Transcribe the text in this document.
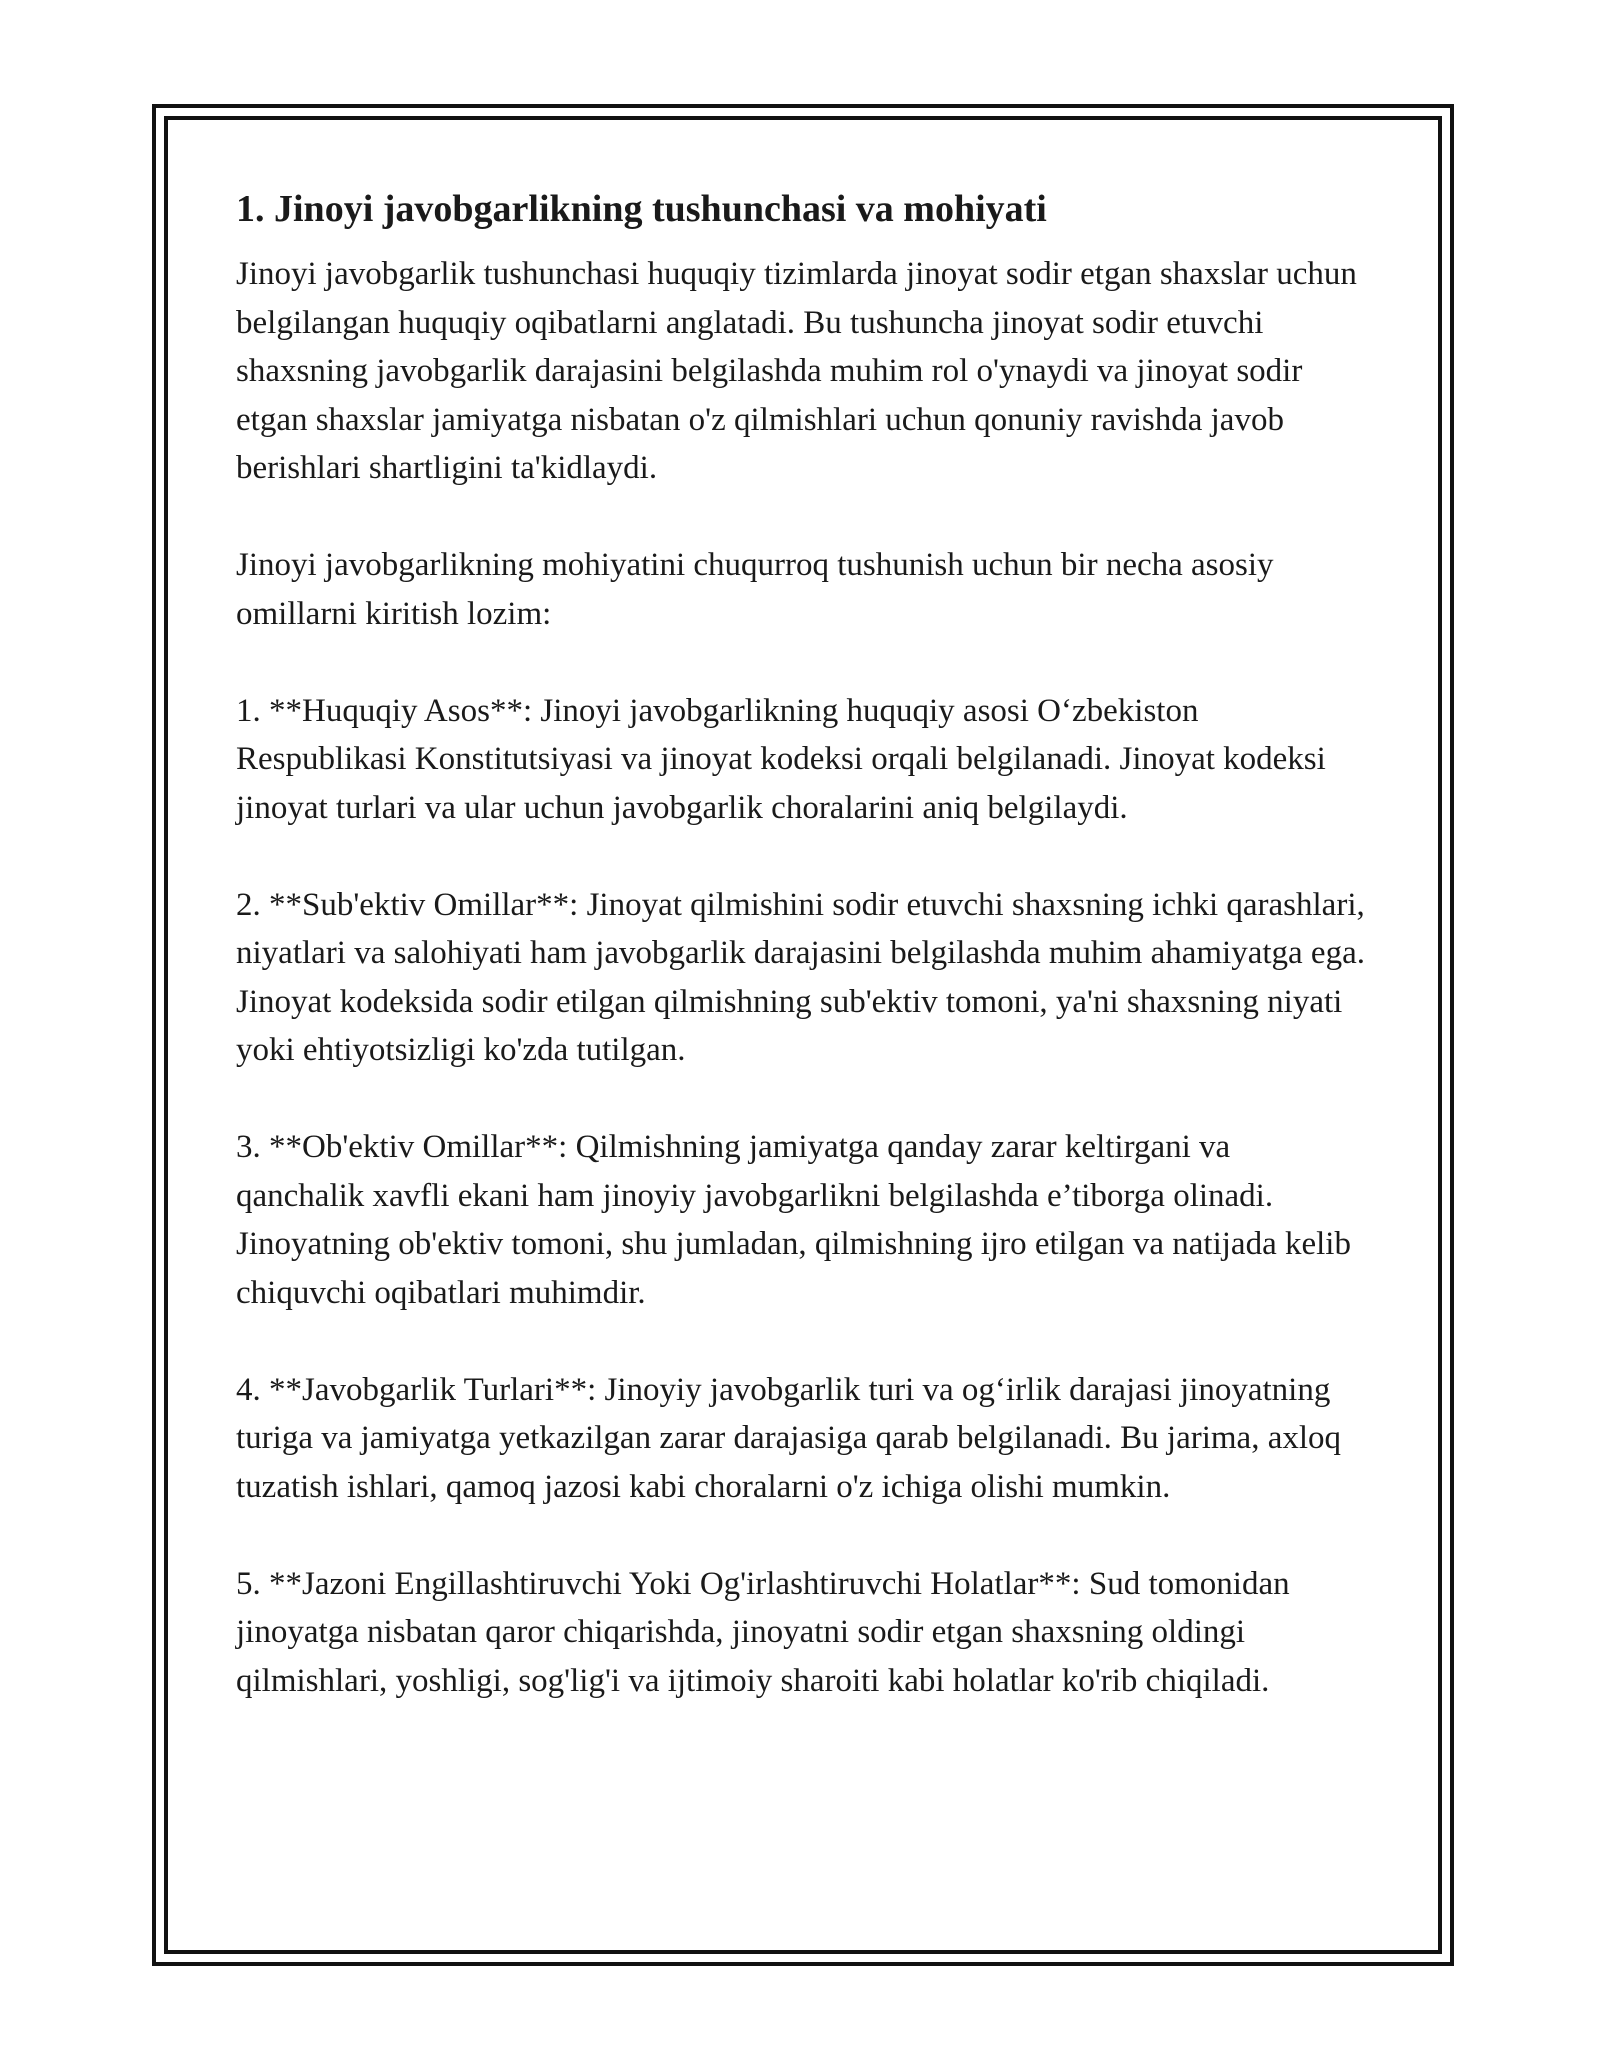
1. Jinoyi javobgarlikning tushunchasi va mohiyati

Jinoyi javobgarlik tushunchasi huquqiy tizimlarda jinoyat sodir etgan shaxslar uchun belgilangan huquqiy oqibatlarni anglatadi. Bu tushuncha jinoyat sodir etuvchi shaxsning javobgarlik darajasini belgilashda muhim rol o'ynaydi va jinoyat sodir etgan shaxslar jamiyatga nisbatan o'z qilmishlari uchun qonuniy ravishda javob berishlari shartligini ta'kidlaydi.

Jinoyi javobgarlikning mohiyatini chuqurroq tushunish uchun bir necha asosiy omillarni kiritish lozim:

1. **Huquqiy Asos**: Jinoyi javobgarlikning huquqiy asosi O‘zbekiston Respublikasi Konstitutsiyasi va jinoyat kodeksi orqali belgilanadi. Jinoyat kodeksi jinoyat turlari va ular uchun javobgarlik choralarini aniq belgilaydi.

2. **Sub'ektiv Omillar**: Jinoyat qilmishini sodir etuvchi shaxsning ichki qarashlari, niyatlari va salohiyati ham javobgarlik darajasini belgilashda muhim ahamiyatga ega. Jinoyat kodeksida sodir etilgan qilmishning sub'ektiv tomoni, ya'ni shaxsning niyati yoki ehtiyotsizligi ko'zda tutilgan.

3. **Ob'ektiv Omillar**: Qilmishning jamiyatga qanday zarar keltirgani va qanchalik xavfli ekani ham jinoyiy javobgarlikni belgilashda e’tiborga olinadi. Jinoyatning ob'ektiv tomoni, shu jumladan, qilmishning ijro etilgan va natijada kelib chiquvchi oqibatlari muhimdir.

4. **Javobgarlik Turlari**: Jinoyiy javobgarlik turi va og‘irlik darajasi jinoyatning turiga va jamiyatga yetkazilgan zarar darajasiga qarab belgilanadi. Bu jarima, axloq tuzatish ishlari, qamoq jazosi kabi choralarni o'z ichiga olishi mumkin.

5. **Jazoni Engillashtiruvchi Yoki Og'irlashtiruvchi Holatlar**: Sud tomonidan jinoyatga nisbatan qaror chiqarishda, jinoyatni sodir etgan shaxsning oldingi qilmishlari, yoshligi, sog'lig'i va ijtimoiy sharoiti kabi holatlar ko'rib chiqiladi.
